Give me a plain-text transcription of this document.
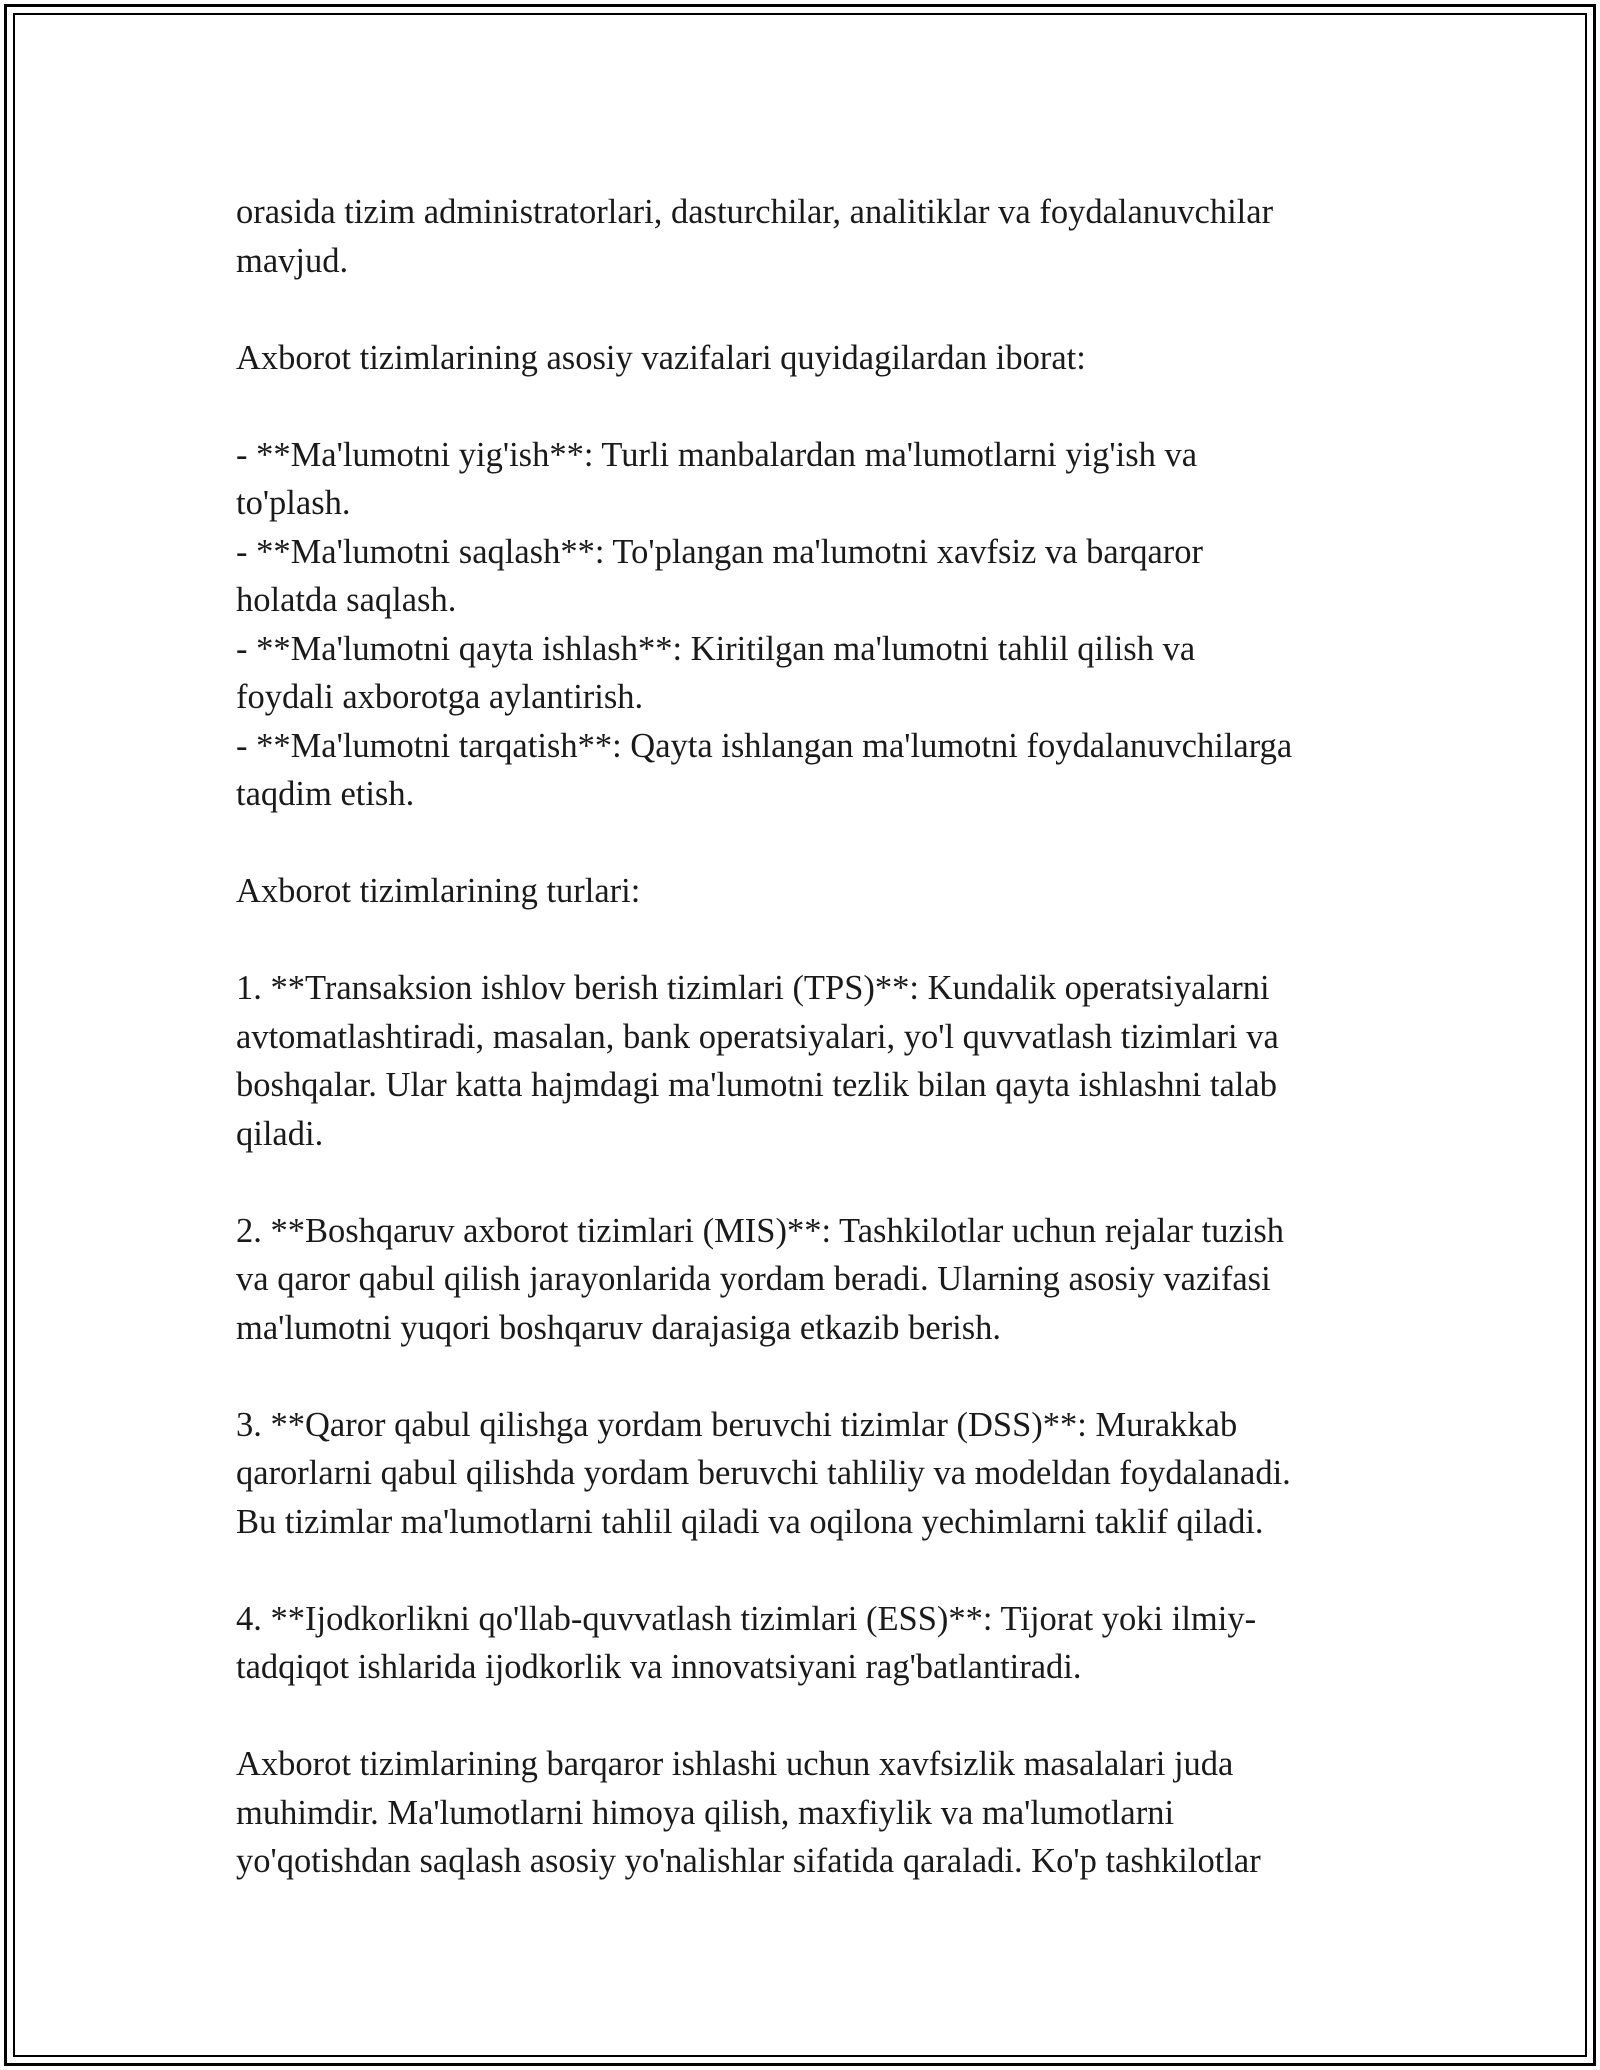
orasida tizim administratorlari, dasturchilar, analitiklar va foydalanuvchilar
mavjud.
Axborot tizimlarining asosiy vazifalari quyidagilardan iborat:
- **Ma'lumotni yig'ish**: Turli manbalardan ma'lumotlarni yig'ish va
to'plash.
- **Ma'lumotni saqlash**: To'plangan ma'lumotni xavfsiz va barqaror
holatda saqlash.
- **Ma'lumotni qayta ishlash**: Kiritilgan ma'lumotni tahlil qilish va
foydali axborotga aylantirish.
- **Ma'lumotni tarqatish**: Qayta ishlangan ma'lumotni foydalanuvchilarga
taqdim etish.
Axborot tizimlarining turlari:
1. **Transaksion ishlov berish tizimlari (TPS)**: Kundalik operatsiyalarni
avtomatlashtiradi, masalan, bank operatsiyalari, yo'l quvvatlash tizimlari va
boshqalar. Ular katta hajmdagi ma'lumotni tezlik bilan qayta ishlashni talab
qiladi.
2. **Boshqaruv axborot tizimlari (MIS)**: Tashkilotlar uchun rejalar tuzish
va qaror qabul qilish jarayonlarida yordam beradi. Ularning asosiy vazifasi
ma'lumotni yuqori boshqaruv darajasiga etkazib berish.
3. **Qaror qabul qilishga yordam beruvchi tizimlar (DSS)**: Murakkab
qarorlarni qabul qilishda yordam beruvchi tahliliy va modeldan foydalanadi.
Bu tizimlar ma'lumotlarni tahlil qiladi va oqilona yechimlarni taklif qiladi.
4. **Ijodkorlikni qo'llab-quvvatlash tizimlari (ESS)**: Tijorat yoki ilmiy-
tadqiqot ishlarida ijodkorlik va innovatsiyani rag'batlantiradi.
Axborot tizimlarining barqaror ishlashi uchun xavfsizlik masalalari juda
muhimdir. Ma'lumotlarni himoya qilish, maxfiylik va ma'lumotlarni
yo'qotishdan saqlash asosiy yo'nalishlar sifatida qaraladi. Ko'p tashkilotlar
